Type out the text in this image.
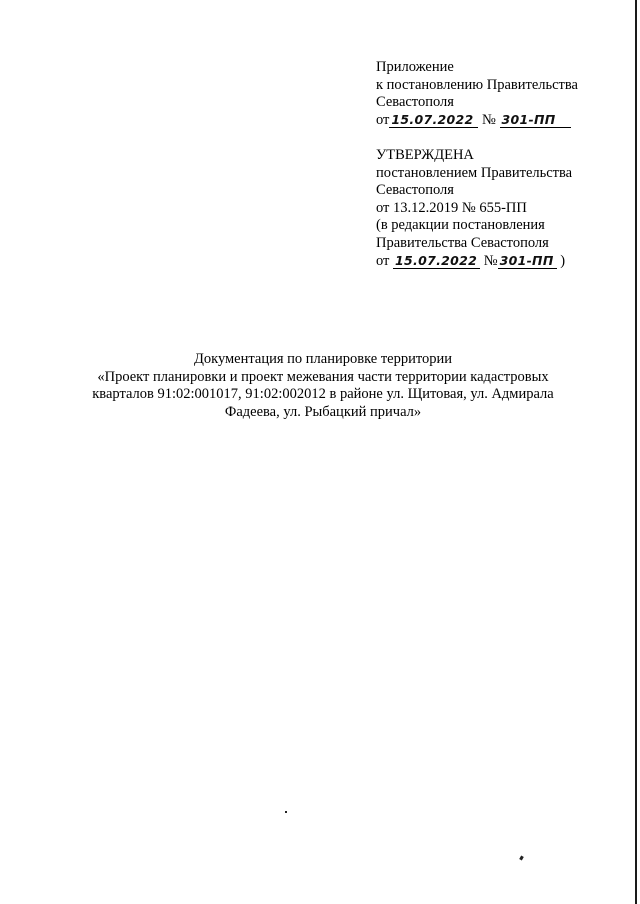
Приложение
к постановлению Правительства
Севастополя
от 15.07.2022 № 301-ПП
УТВЕРЖДЕНА
постановлением Правительства
Севастополя
от 13.12.2019 № 655-ПП
(в редакции постановления
Правительства Севастополя
от 15.07.2022 № 301-ПП )
Документация по планировке территории
«Проект планировки и проект межевания части территории кадастровых
кварталов 91:02:001017, 91:02:002012 в районе ул. Щитовая, ул. Адмирала
Фадеева, ул. Рыбацкий причал»
